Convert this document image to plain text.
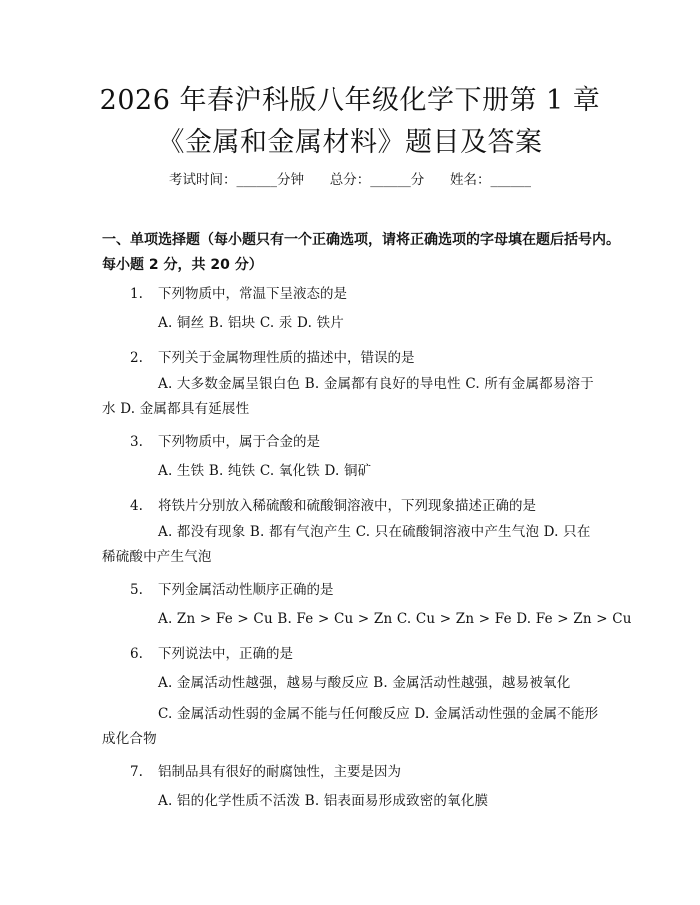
2026 年春沪科版八年级化学下册第 1 章《金属和金属材料》题目及答案
考试时间：______分钟 总分：______分 姓名：______
一、单项选择题（每小题只有一个正确选项，请将正确选项的字母填在题后括号内。每小题 2 分，共 20 分）
1. 下列物质中，常温下呈液态的是
A. 铜丝 B. 铝块 C. 汞 D. 铁片
2. 下列关于金属物理性质的描述中，错误的是
A. 大多数金属呈银白色 B. 金属都有良好的导电性 C. 所有金属都易溶于水 D. 金属都具有延展性
3. 下列物质中，属于合金的是
A. 生铁 B. 纯铁 C. 氧化铁 D. 铜矿
4. 将铁片分别放入稀硫酸和硫酸铜溶液中，下列现象描述正确的是
A. 都没有现象 B. 都有气泡产生 C. 只在硫酸铜溶液中产生气泡 D. 只在稀硫酸中产生气泡
5. 下列金属活动性顺序正确的是
A. Zn > Fe > Cu B. Fe > Cu > Zn C. Cu > Zn > Fe D. Fe > Zn > Cu
6. 下列说法中，正确的是
A. 金属活动性越强，越易与酸反应 B. 金属活动性越强，越易被氧化
C. 金属活动性弱的金属不能与任何酸反应 D. 金属活动性强的金属不能形成化合物
7. 铝制品具有很好的耐腐蚀性，主要是因为
A. 铝的化学性质不活泼 B. 铝表面易形成致密的氧化膜
